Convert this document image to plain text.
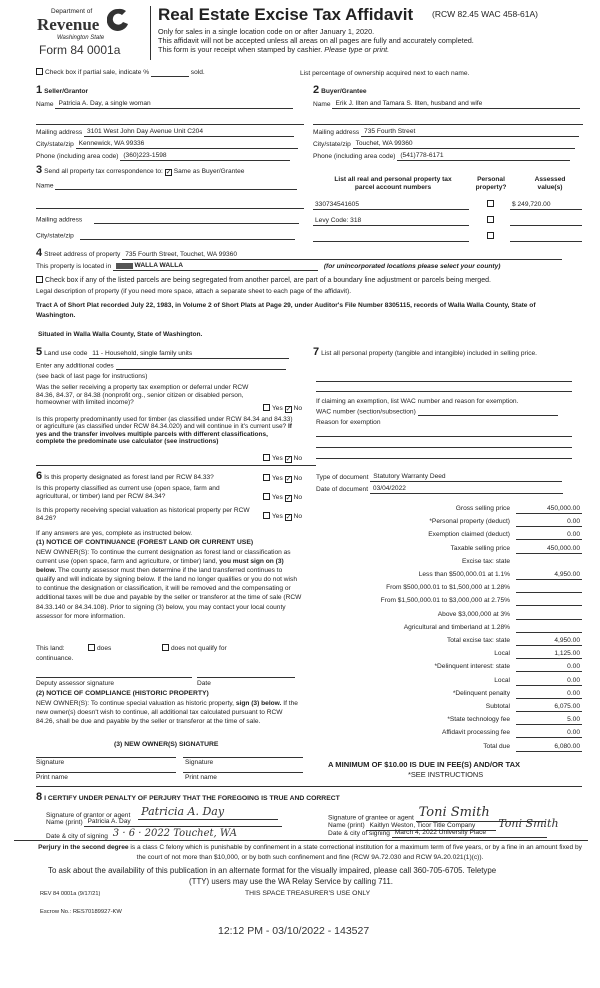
Department of
Revenue
Washington State
Form 84 0001a
Real Estate Excise Tax Affidavit (RCW 82.45 WAC 458-61A)
Only for sales in a single location code on or after January 1, 2020.
This affidavit will not be accepted unless all areas on all pages are fully and accurately completed.
This form is your receipt when stamped by cashier. Please type or print.
Check box if partial sale, indicate %	sold.	List percentage of ownership acquired next to each name.
1 Seller/Grantor
Name Patricia A. Day, a single woman
Mailing address 3101 West John Day Avenue Unit C204
City/state/zip Kennewick, WA 99336
Phone (including area code) (360)223-1598
2 Buyer/Grantee
Name Erik J. Ilten and Tamara S. Ilten, husband and wife
Mailing address 735 Fourth Street
City/state/zip Touchet, WA 99360
Phone (including area code) (541)778-6171
3 Send all property tax correspondence to: ✓ Same as Buyer/Grantee
Name
Mailing address
City/state/zip
List all real and personal property tax
parcel account numbers
Personal
property?
Assessed
value(s)
330734541605	$ 249,720.00
Levy Code: 318
4 Street address of property 735 Fourth Street, Touchet, WA 99360
This property is located in XXXXX WALLA WALLA	(for unincorporated locations please select your county)
Check box if any of the listed parcels are being segregated from another parcel, are part of a boundary line adjustment or parcels being merged.
Legal description of property (if you need more space, attach a separate sheet to each page of the affidavit).
Tract A of Short Plat recorded July 22, 1983, in Volume 2 of Short Plats at Page 29, under Auditor's File Number 8305115, records of Walla Walla County, State of Washington.
Situated in Walla Walla County, State of Washington.
5 Land use code 11 - Household, single family units
Enter any additional codes
(see back of last page for instructions)
Was the seller receiving a property tax exemption or deferral under RCW 84.36, 84.37, or 84.38 (nonprofit org., senior citizen or disabled person, homeowner with limited income)?
Yes ✓ No
Is this property predominantly used for timber (as classified under RCW 84.34 and 84.33) or agriculture (as classified under RCW 84.34.020) and will continue in it's current use? If yes and the transfer involves multiple parcels with different classifications, complete the predominate use calculator (see instructions)
Yes ✓ No
6 Is this property designated as forest land per RCW 84.33?
Is this property classified as current use (open space, farm and agricultural, or timber) land per RCW 84.34?
Is this property receiving special valuation as historical property per RCW 84.26?
Yes ✓ No
Yes ✓ No
Yes ✓ No
If any answers are yes, complete as instructed below.
(1) NOTICE OF CONTINUANCE (FOREST LAND OR CURRENT USE)
NEW OWNER(S): To continue the current designation as forest land or classification as current use (open space, farm and agriculture, or timber) land, you must sign on (3) below. The county assessor must then determine if the land transferred continues to qualify and will indicate by signing below. If the land no longer qualifies or you do not wish to continue the designation or classification, it will be removed and the compensating or additional taxes will be due and payable by the seller or transferor at the time of sale (RCW 84.33.140 or 84.34.108). Prior to signing (3) below, you may contact your local county assessor for more information.
This land:	does	does not qualify for
continuance.
Deputy assessor signature	Date
(2) NOTICE OF COMPLIANCE (HISTORIC PROPERTY)
NEW OWNER(S): To continue special valuation as historic property, sign (3) below. If the new owner(s) doesn't wish to continue, all additional tax calculated pursuant to RCW 84.26, shall be due and payable by the seller or transferor at the time of sale.
(3) NEW OWNER(S) SIGNATURE
Signature	Signature
Print name	Print name
7 List all personal property (tangible and intangible) included in selling price.
If claiming an exemption, list WAC number and reason for exemption.
WAC number (section/subsection)
Reason for exemption
Type of document Statutory Warranty Deed
Date of document 03/04/2022
Gross selling price	450,000.00
*Personal property (deduct)	0.00
Exemption claimed (deduct)	0.00
Taxable selling price	450,000.00
Excise tax: state
Less than $500,000.01 at 1.1%	4,950.00
From $500,000.01 to $1,500,000 at 1.28%
From $1,500,000.01 to $3,000,000 at 2.75%
Above $3,000,000 at 3%
Agricultural and timberland at 1.28%
Total excise tax: state	4,950.00
Local	1,125.00
*Delinquent interest: state	0.00
Local	0.00
*Delinquent penalty	0.00
Subtotal	6,075.00
*State technology fee	5.00
Affidavit processing fee	0.00
Total due	6,080.00
A MINIMUM OF $10.00 IS DUE IN FEE(S) AND/OR TAX
*SEE INSTRUCTIONS
8 I CERTIFY UNDER PENALTY OF PERJURY THAT THE FOREGOING IS TRUE AND CORRECT
Signature of grantor or agent Patricia A. Day
Name (print) Patricia A. Day
Date & city of signing 3 · 6 · 2022 Touchet, WA
Signature of grantee or agent Toni Smith
Name (print) Kaitlyn Weston, Ticor Title Company Toni Smith
Date & city of signing March 4, 2022 University Place
Perjury in the second degree is a class C felony which is punishable by confinement in a state correctional institution for a maximum term of five years, or by a fine in an amount fixed by the court of not more than $10,000, or by both such confinement and fine (RCW 9A.72.030 and RCW 9A.20.021(1)(c)).
To ask about the availability of this publication in an alternate format for the visually impaired, please call 360-705-6705. Teletype
(TTY) users may use the WA Relay Service by calling 711.
REV 84 0001a (9/17/21)	THIS SPACE TREASURER'S USE ONLY
Escrow No.: RES70189927-KW
12:12 PM - 03/10/2022 - 143527
